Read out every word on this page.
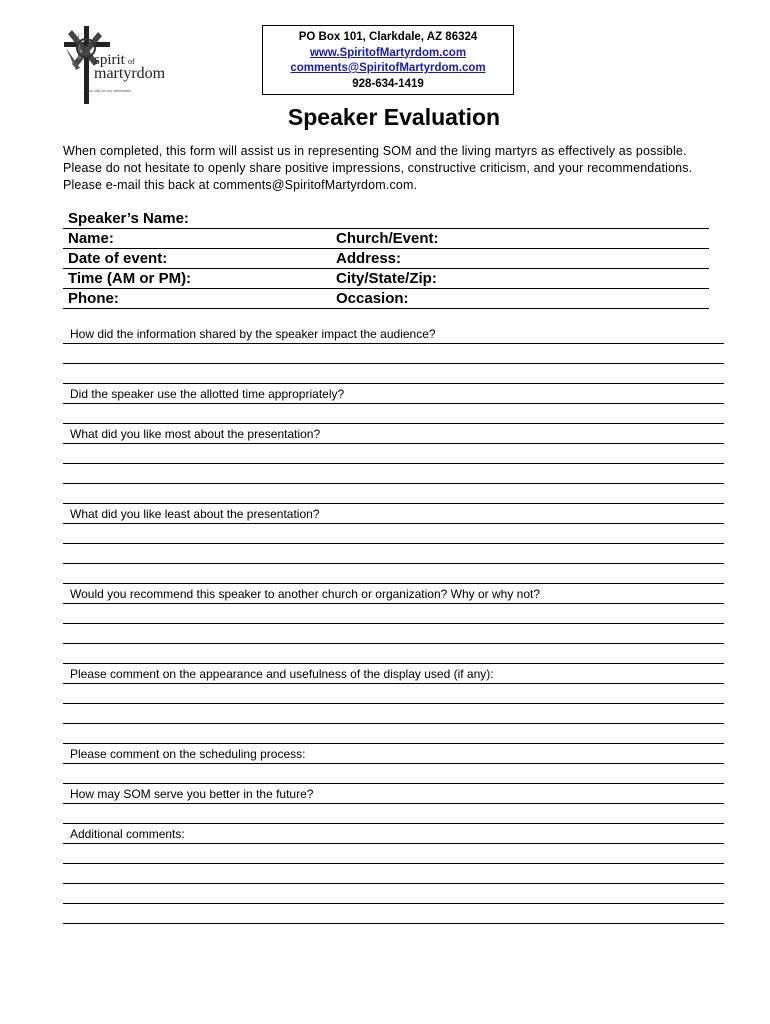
spirit of
martyrdom
you will be my witnesses
PO Box 101, Clarkdale, AZ 86324
www.SpiritofMartyrdom.com
comments@SpiritofMartyrdom.com
928-634-1419
Speaker Evaluation
When completed, this form will assist us in representing SOM and the living martyrs as effectively as possible. Please do not hesitate to openly share positive impressions, constructive criticism, and your recommendations. Please e-mail this back at comments@SpiritofMartyrdom.com.
Speaker’s Name:
Name:	Church/Event:
Date of event:	Address:
Time (AM or PM):	City/State/Zip:
Phone:	Occasion:
How did the information shared by the speaker impact the audience?
Did the speaker use the allotted time appropriately?
What did you like most about the presentation?
What did you like least about the presentation?
Would you recommend this speaker to another church or organization? Why or why not?
Please comment on the appearance and usefulness of the display used (if any):
Please comment on the scheduling process:
How may SOM serve you better in the future?
Additional comments:
